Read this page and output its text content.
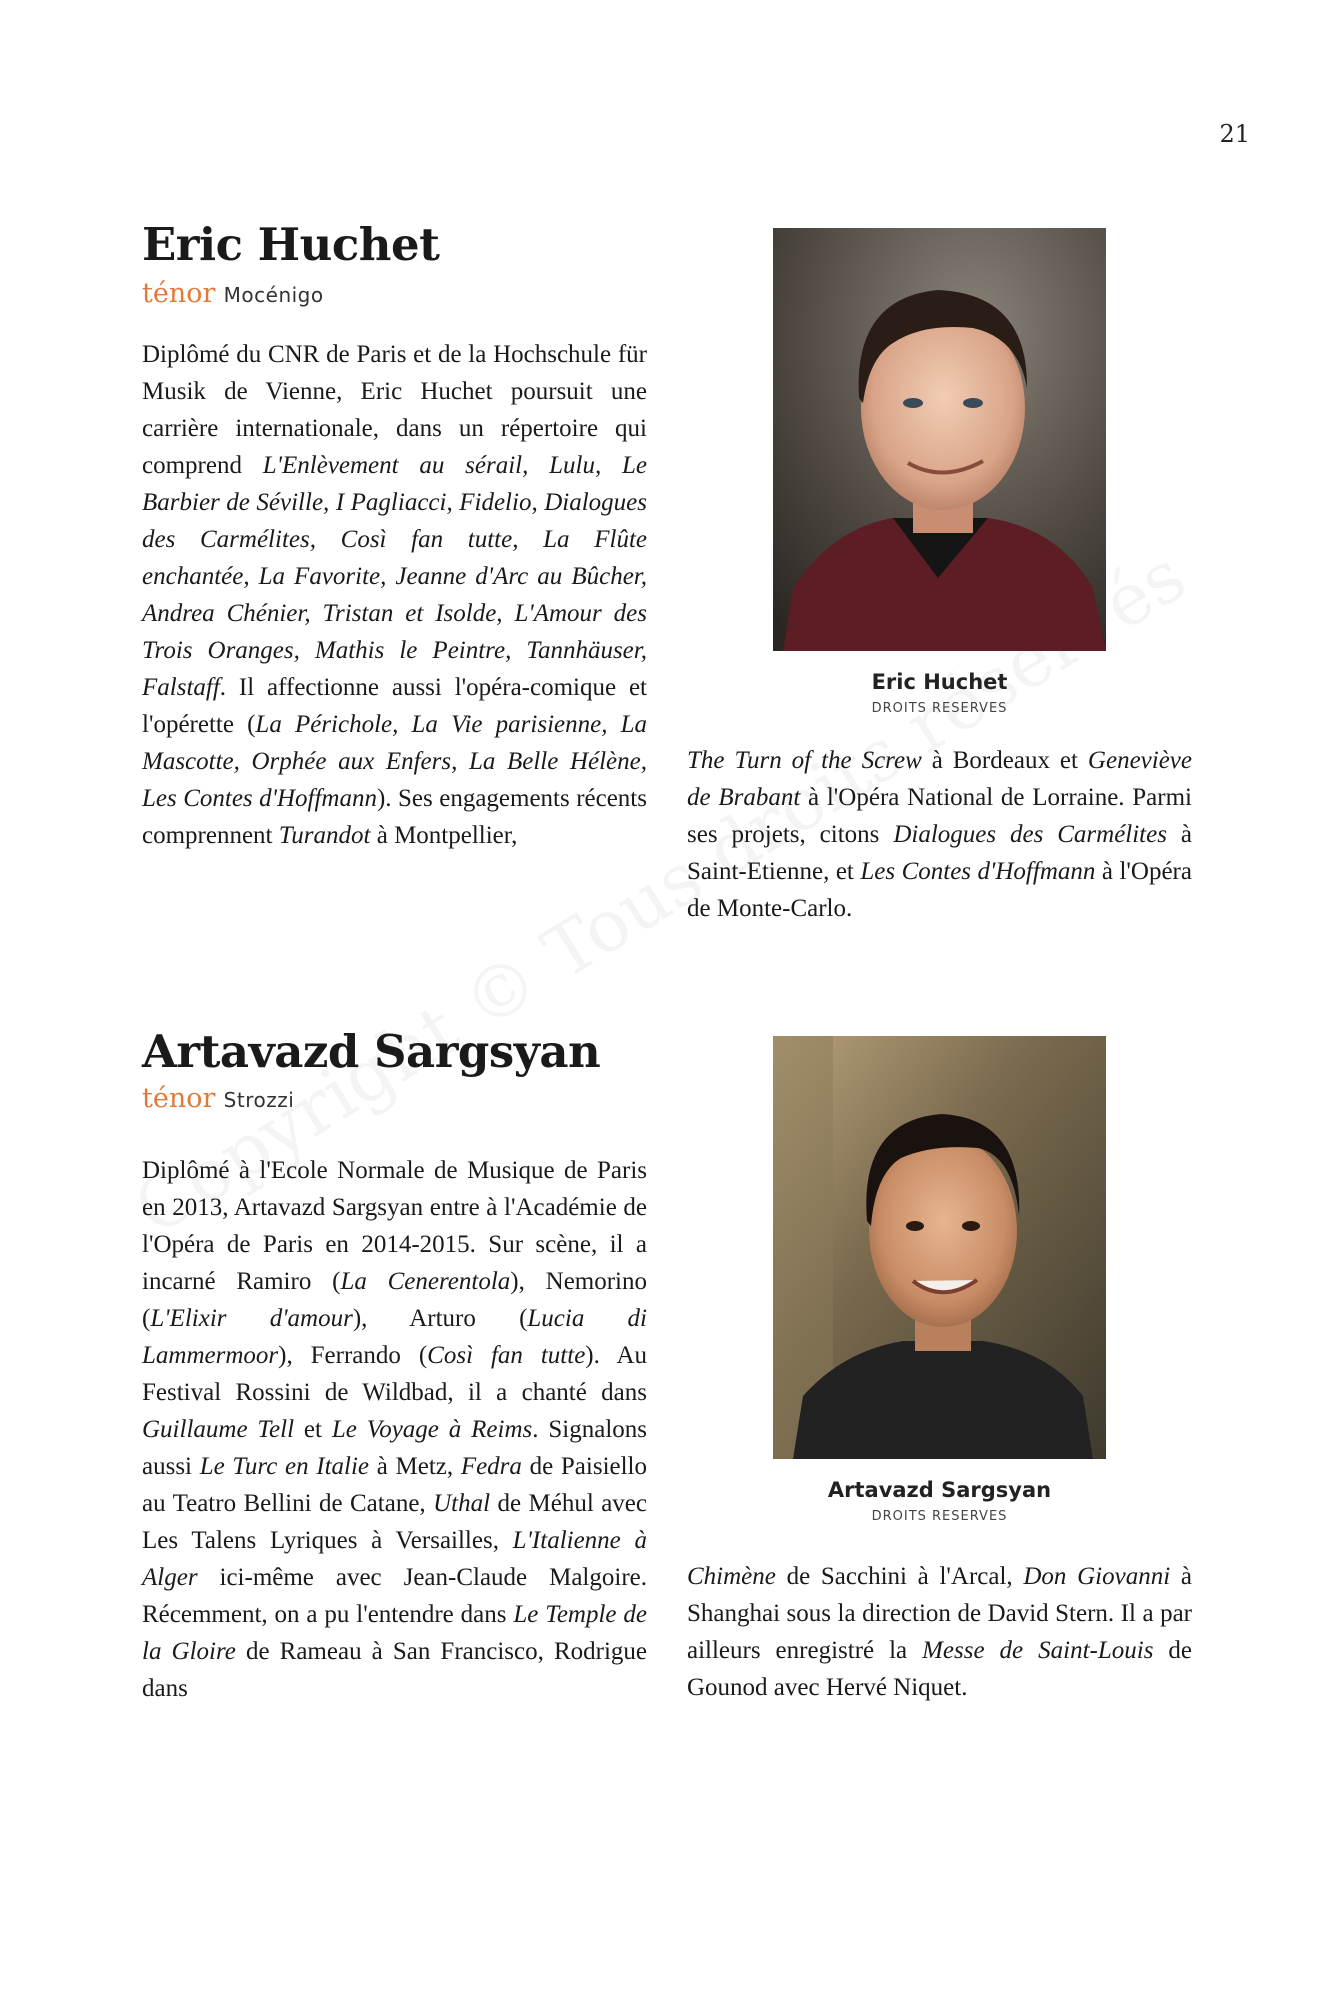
21
Eric Huchet
ténor Mocénigo

Diplômé du CNR de Paris et de la Hochschule für Musik de Vienne, Eric Huchet poursuit une carrière internationale, dans un répertoire qui comprend L'Enlèvement au sérail, Lulu, Le Barbier de Séville, I Pagliacci, Fidelio, Dialogues des Carmélites, Così fan tutte, La Flûte enchantée, La Favorite, Jeanne d'Arc au Bûcher, Andrea Chénier, Tristan et Isolde, L'Amour des Trois Oranges, Mathis le Peintre, Tannhäuser, Falstaff. Il affectionne aussi l'opéra-comique et l'opérette (La Périchole, La Vie parisienne, La Mascotte, Orphée aux Enfers, La Belle Hélène, Les Contes d'Hoffmann). Ses engagements récents comprennent Turandot à Montpellier,

Eric Huchet
DROITS RESERVES

The Turn of the Screw à Bordeaux et Geneviève de Brabant à l'Opéra National de Lorraine. Parmi ses projets, citons Dialogues des Carmélites à Saint-Etienne, et Les Contes d'Hoffmann à l'Opéra de Monte-Carlo.

Artavazd Sargsyan
ténor Strozzi

Diplômé à l'Ecole Normale de Musique de Paris en 2013, Artavazd Sargsyan entre à l'Académie de l'Opéra de Paris en 2014-2015. Sur scène, il a incarné Ramiro (La Cenerentola), Nemorino (L'Elixir d'amour), Arturo (Lucia di Lammermoor), Ferrando (Così fan tutte). Au Festival Rossini de Wildbad, il a chanté dans Guillaume Tell et Le Voyage à Reims. Signalons aussi Le Turc en Italie à Metz, Fedra de Paisiello au Teatro Bellini de Catane, Uthal de Méhul avec Les Talens Lyriques à Versailles, L'Italienne à Alger ici-même avec Jean-Claude Malgoire. Récemment, on a pu l'entendre dans Le Temple de la Gloire de Rameau à San Francisco, Rodrigue dans

Artavazd Sargsyan
DROITS RESERVES

Chimène de Sacchini à l'Arcal, Don Giovanni à Shanghai sous la direction de David Stern. Il a par ailleurs enregistré la Messe de Saint-Louis de Gounod avec Hervé Niquet.
